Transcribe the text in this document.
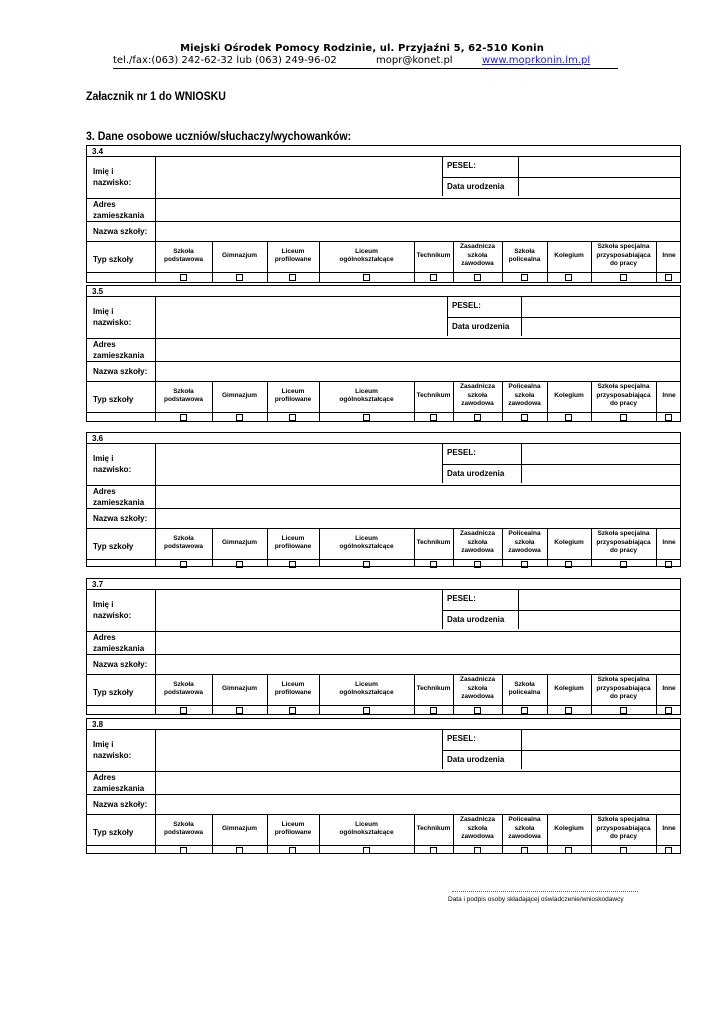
Miejski Ośrodek Pomocy Rodzinie, ul. Przyjaźni 5, 62-510 Konin
tel./fax:(063) 242-62-32 lub (063) 249-96-02	mopr@konet.pl	www.moprkonin.lm.pl
Załacznik nr 1 do WNIOSKU
3. Dane osobowe uczniów/słuchaczy/wychowanków:
3.4
Imię i
nazwisko:
PESEL:
Data urodzenia
Adres
zamieszkania
Nazwa szkoły:
Typ szkoły
Szkoła
podstawowa
Gimnazjum
Liceum
profilowane
Liceum
ogólnokształcące
Technikum
Zasadnicza
szkoła
zawodowa
Szkoła
policealna
Kolegium
Szkoła specjalna
przysposabiająca
do pracy
Inne
3.5
Imię i
nazwisko:
PESEL:
Data urodzenia
Adres
zamieszkania
Nazwa szkoły:
Typ szkoły
Szkoła
podstawowa
Gimnazjum
Liceum
profilowane
Liceum
ogólnokształcące
Technikum
Zasadnicza
szkoła
zawodowa
Policealna
szkoła
zawodowa
Kolegium
Szkoła specjalna
przysposabiająca
do pracy
Inne
3.6
Imię i
nazwisko:
PESEL:
Data urodzenia
Adres
zamieszkania
Nazwa szkoły:
Typ szkoły
Szkoła
podstawowa
Gimnazjum
Liceum
profilowane
Liceum
ogólnokształcące
Technikum
Zasadnicza
szkoła
zawodowa
Policealna
szkoła
zawodowa
Kolegium
Szkoła specjalna
przysposabiająca
do pracy
Inne
3.7
Imię i
nazwisko:
PESEL:
Data urodzenia
Adres
zamieszkania
Nazwa szkoły:
Typ szkoły
Szkoła
podstawowa
Gimnazjum
Liceum
profilowane
Liceum
ogólnokształcące
Technikum
Zasadnicza
szkoła
zawodowa
Szkoła
policealna
Kolegium
Szkoła specjalna
przysposabiająca
do pracy
Inne
3.8
Imię i
nazwisko:
PESEL:
Data urodzenia
Adres
zamieszkania
Nazwa szkoły:
Typ szkoły
Szkoła
podstawowa
Gimnazjum
Liceum
profilowane
Liceum
ogólnokształcące
Technikum
Zasadnicza
szkoła
zawodowa
Policealna
szkoła
zawodowa
Kolegium
Szkoła specjalna
przysposabiająca
do pracy
Inne
Data i podpis osoby składającej oświadczenie/wnioskodawcy
